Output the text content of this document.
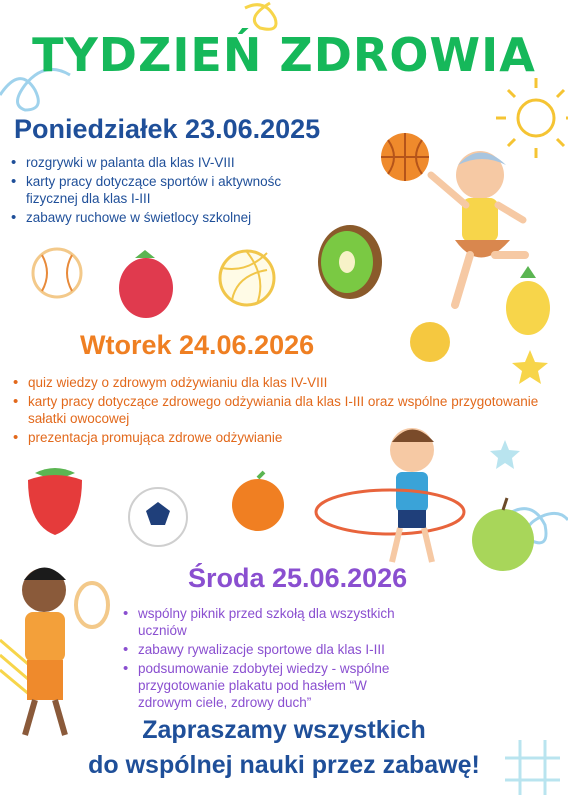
TYDZIEŃ ZDROWIA
Poniedziałek 23.06.2025
• rozgrywki w palanta dla klas IV-VIII
• karty pracy dotyczące sportów i aktywnośc fizycznej dla klas I-III
• zabawy ruchowe w świetlocy szkolnej
Wtorek 24.06.2026
• quiz wiedzy o zdrowym odżywianiu dla klas IV-VIII
• karty pracy dotyczące zdrowego odżywiania dla klas I-III oraz wspólne przygotowanie sałatki owocowej
• prezentacja promująca zdrowe odżywianie
Środa 25.06.2026
• wspólny piknik przed szkołą dla wszystkich uczniów
• zabawy rywalizacje sportowe dla klas I-III
• podsumowanie zdobytej wiedzy - wspólne przygotowanie plakatu pod hasłem “W zdrowym ciele, zdrowy duch”
Zapraszamy wszystkich
do wspólnej nauki przez zabawę!
